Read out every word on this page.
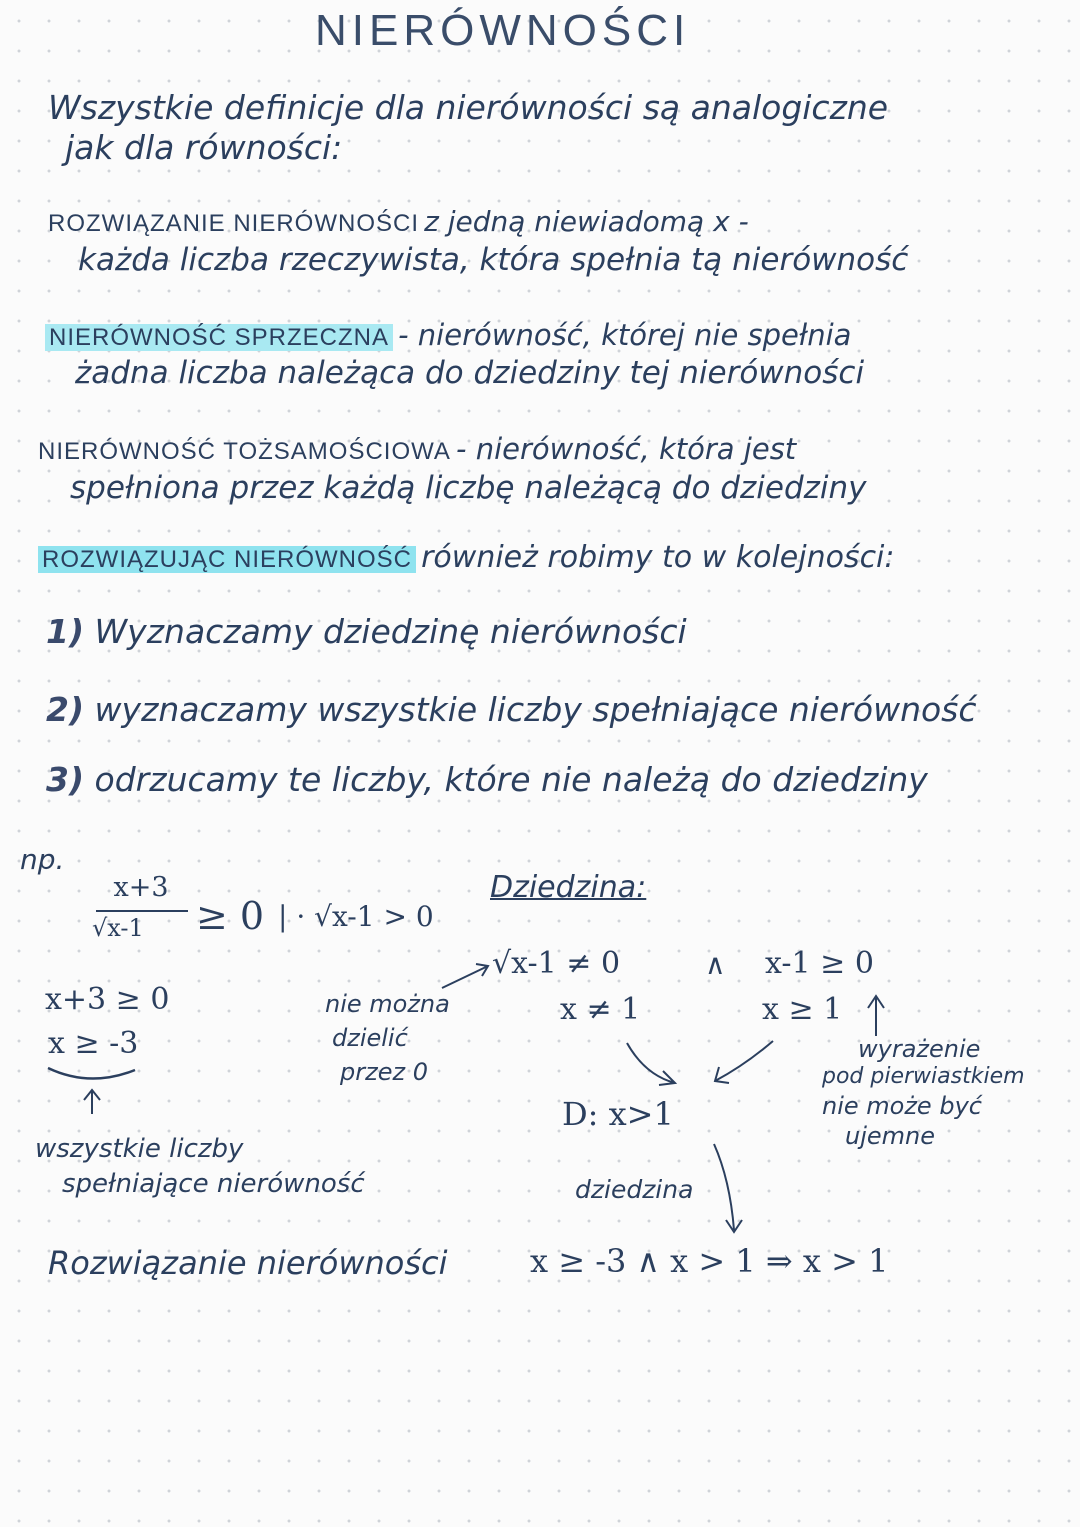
NIERÓWNOŚCI
Wszystkie definicje dla nierówności są analogiczne
jak dla równości:
ROZWIĄZANIE NIERÓWNOŚCI z jedną niewiadomą x -
każda liczba rzeczywista, która spełnia tą nierówność
NIERÓWNOŚĆ SPRZECZNA - nierówność, której nie spełnia
żadna liczba należąca do dziedziny tej nierówności
NIERÓWNOŚĆ TOŻSAMOŚCIOWA - nierówność, która jest
spełniona przez każdą liczbę należącą do dziedziny
ROZWIĄZUJĄC NIERÓWNOŚĆ również robimy to w kolejności:
1) Wyznaczamy dziedzinę nierówności
2) wyznaczamy wszystkie liczby spełniające nierówność
3) odrzucamy te liczby, które nie należą do dziedziny
np.
x+3
√x-1 ≥ 0 | · √x-1 > 0
x+3 ≥ 0
x ≥ -3
wszystkie liczby
spełniające nierówność
nie można
dzielić
przez 0
Dziedzina:
√x-1 ≠ 0	∧ x-1 ≥ 0
x ≠ 1	x ≥ 1
D: x>1
dziedzina
wyrażenie
pod pierwiastkiem
nie może być
ujemne
Rozwiązanie nierówności	x ≥ -3 ∧ x > 1 ⇒ x > 1
